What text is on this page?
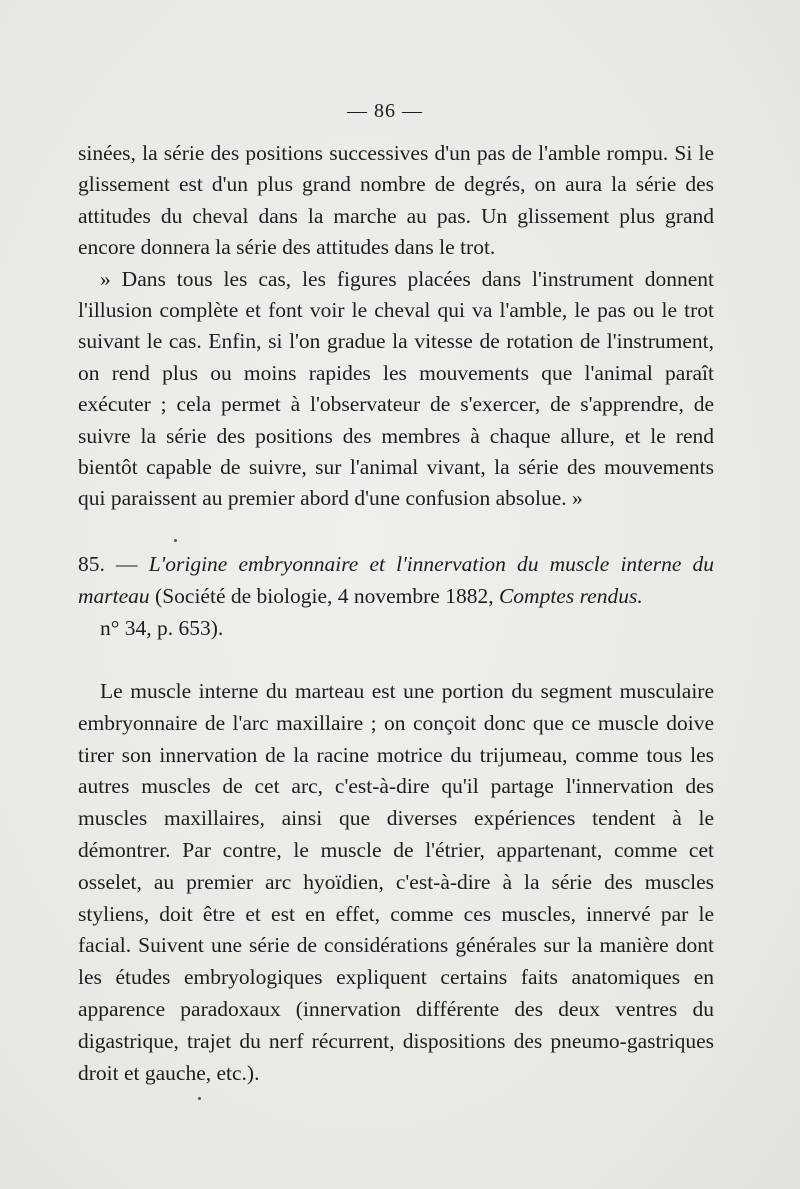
— 86 —

sinées, la série des positions successives d'un pas de l'amble rompu. Si le glissement est d'un plus grand nombre de degrés, on aura la série des attitudes du cheval dans la marche au pas. Un glissement plus grand encore donnera la série des attitudes dans le trot.

» Dans tous les cas, les figures placées dans l'instrument donnent l'illusion complète et font voir le cheval qui va l'amble, le pas ou le trot suivant le cas. Enfin, si l'on gradue la vitesse de rotation de l'instrument, on rend plus ou moins rapides les mouvements que l'animal paraît exécuter ; cela permet à l'observateur de s'exercer, de s'apprendre, de suivre la série des positions des membres à chaque allure, et le rend bientôt capable de suivre, sur l'animal vivant, la série des mouvements qui paraissent au premier abord d'une confusion absolue. »

85. — L'origine embryonnaire et l'innervation du muscle interne du marteau (Société de biologie, 4 novembre 1882, Comptes rendus.
n° 34, p. 653).

Le muscle interne du marteau est une portion du segment musculaire embryonnaire de l'arc maxillaire ; on conçoit donc que ce muscle doive tirer son innervation de la racine motrice du trijumeau, comme tous les autres muscles de cet arc, c'est-à-dire qu'il partage l'innervation des muscles maxillaires, ainsi que diverses expériences tendent à le démontrer. Par contre, le muscle de l'étrier, appartenant, comme cet osselet, au premier arc hyoïdien, c'est-à-dire à la série des muscles styliens, doit être et est en effet, comme ces muscles, innervé par le facial. Suivent une série de considérations générales sur la manière dont les études embryologiques expliquent certains faits anatomiques en apparence paradoxaux (innervation différente des deux ventres du digastrique, trajet du nerf récurrent, dispositions des pneumo-gastriques droit et gauche, etc.).
